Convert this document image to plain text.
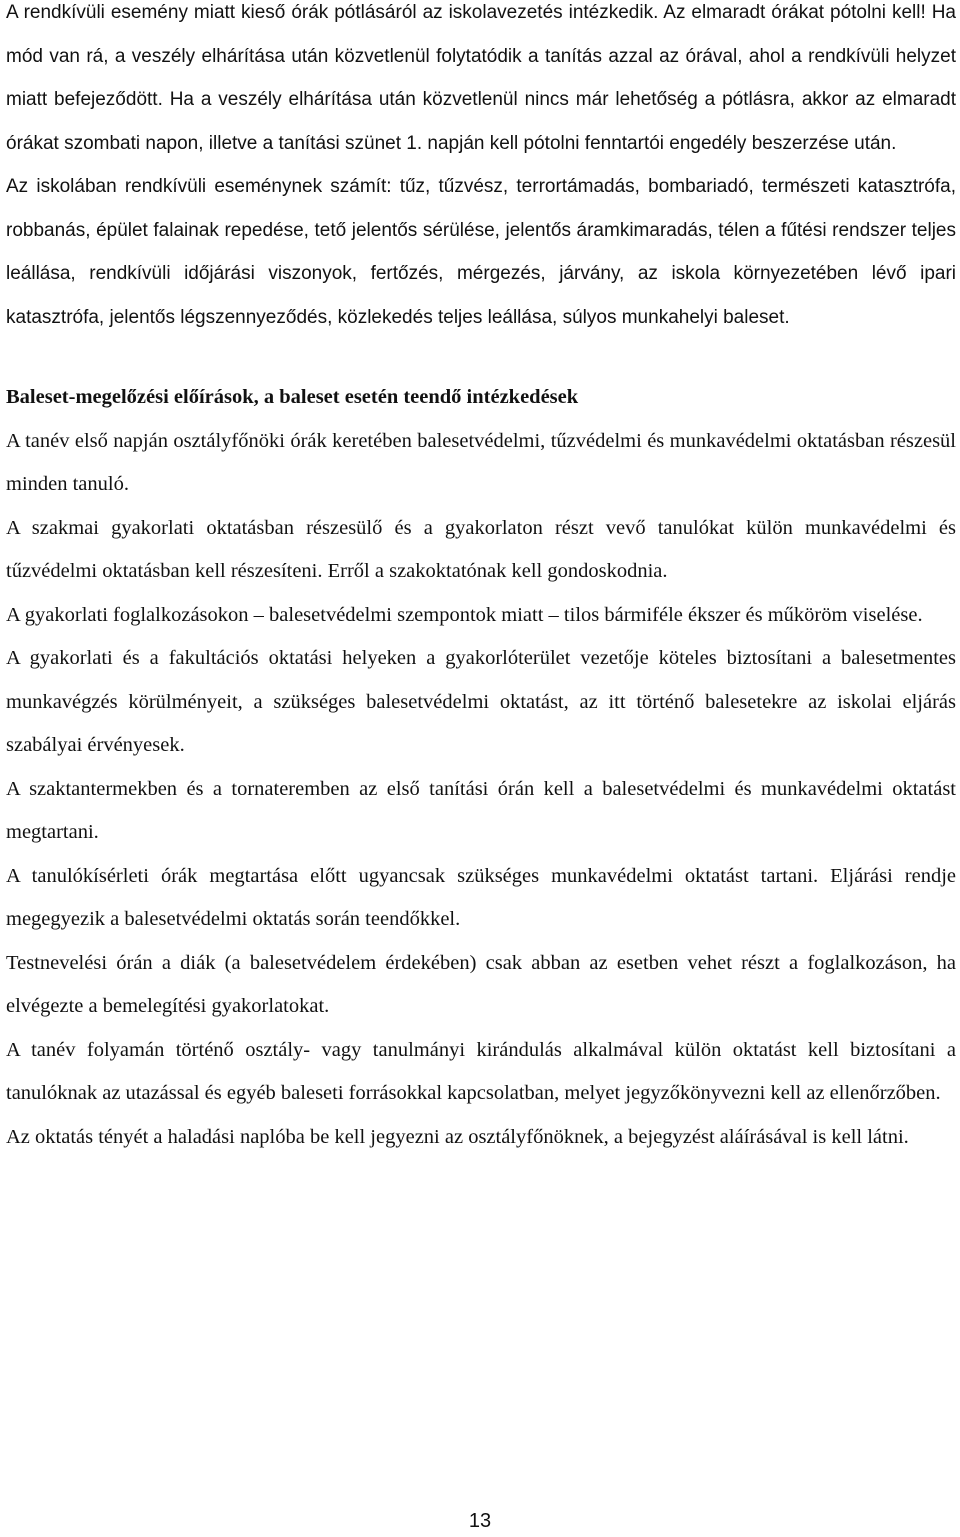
A rendkívüli esemény miatt kieső órák pótlásáról az iskolavezetés intézkedik. Az elmaradt órákat pótolni kell! Ha mód van rá, a veszély elhárítása után közvetlenül folytatódik a tanítás azzal az órával, ahol a rendkívüli helyzet miatt befejeződött. Ha a veszély elhárítása után közvetlenül nincs már lehetőség a pótlásra, akkor az elmaradt órákat szombati napon, illetve a tanítási szünet 1. napján kell pótolni fenntartói engedély beszerzése után.

Az iskolában rendkívüli eseménynek számít: tűz, tűzvész, terrortámadás, bombariadó, természeti katasztrófa, robbanás, épület falainak repedése, tető jelentős sérülése, jelentős áramkimaradás, télen a fűtési rendszer teljes leállása, rendkívüli időjárási viszonyok, fertőzés, mérgezés, járvány, az iskola környezetében lévő ipari katasztrófa, jelentős légszennyeződés, közlekedés teljes leállása, súlyos munkahelyi baleset.

Baleset-megelőzési előírások, a baleset esetén teendő intézkedések

A tanév első napján osztályfőnöki órák keretében balesetvédelmi, tűzvédelmi és munkavédelmi oktatásban részesül minden tanuló.

A szakmai gyakorlati oktatásban részesülő és a gyakorlaton részt vevő tanulókat külön munkavédelmi és tűzvédelmi oktatásban kell részesíteni. Erről a szakoktatónak kell gondoskodnia.

A gyakorlati foglalkozásokon – balesetvédelmi szempontok miatt – tilos bármiféle ékszer és műköröm viselése.

A gyakorlati és a fakultációs oktatási helyeken a gyakorlóterület vezetője köteles biztosítani a balesetmentes munkavégzés körülményeit, a szükséges balesetvédelmi oktatást, az itt történő balesetekre az iskolai eljárás szabályai érvényesek.

A szaktantermekben és a tornateremben az első tanítási órán kell a balesetvédelmi és munkavédelmi oktatást megtartani.

A tanulókísérleti órák megtartása előtt ugyancsak szükséges munkavédelmi oktatást tartani. Eljárási rendje megegyezik a balesetvédelmi oktatás során teendőkkel.

Testnevelési órán a diák (a balesetvédelem érdekében) csak abban az esetben vehet részt a foglalkozáson, ha elvégezte a bemelegítési gyakorlatokat.

A tanév folyamán történő osztály- vagy tanulmányi kirándulás alkalmával külön oktatást kell biztosítani a tanulóknak az utazással és egyéb baleseti forrásokkal kapcsolatban, melyet jegyzőkönyvezni kell az ellenőrzőben.

Az oktatás tényét a haladási naplóba be kell jegyezni az osztályfőnöknek, a bejegyzést aláírásával is kell látni.

13
